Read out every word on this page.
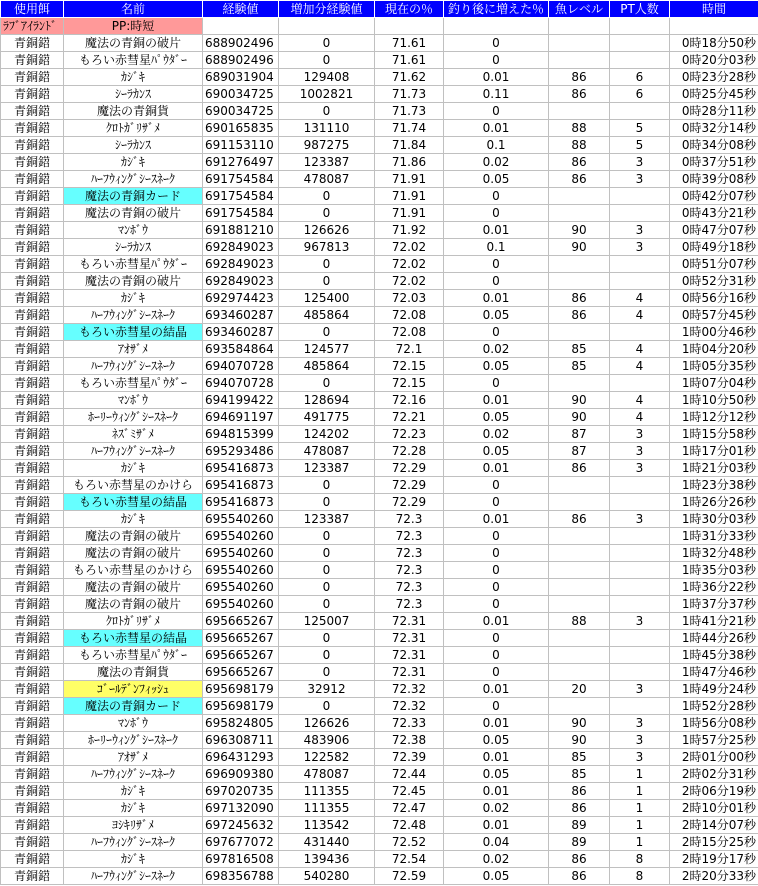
使用餌	名前	経験値	増加分経験値	現在の％	釣り後に増えた％	魚レベル	PT人数	時間
ﾗﾌﾞｱｲﾗﾝﾄﾞ	PP:時短							
青銅鍣	魔法の青銅の破片	688902496	0	71.61	0			0時18分50秒
青銅鍣	もろい赤彗星ﾊﾟｳﾀﾞｰ	688902496	0	71.61	0			0時20分03秒
青銅鍣	ｶｼﾞｷ	689031904	129408	71.62	0.01	86	6	0時23分28秒
青銅鍣	ｼｰﾗｶﾝｽ	690034725	1002821	71.73	0.11	86	6	0時25分45秒
青銅鍣	魔法の青銅貨	690034725	0	71.73	0			0時28分11秒
青銅鍣	ｸﾛﾄｶﾞﾘｻﾞﾒ	690165835	131110	71.74	0.01	88	5	0時32分14秒
青銅鍣	ｼｰﾗｶﾝｽ	691153110	987275	71.84	0.1	88	5	0時34分08秒
青銅鍣	ｶｼﾞｷ	691276497	123387	71.86	0.02	86	3	0時37分51秒
青銅鍣	ﾊｰﾌｳｨﾝｸﾞｼｰｽﾈｰｸ	691754584	478087	71.91	0.05	86	3	0時39分08秒
青銅鍣	魔法の青銅カード	691754584	0	71.91	0			0時42分07秒
青銅鍣	魔法の青銅の破片	691754584	0	71.91	0			0時43分21秒
青銅鍣	ﾏﾝﾎﾞｳ	691881210	126626	71.92	0.01	90	3	0時47分07秒
青銅鍣	ｼｰﾗｶﾝｽ	692849023	967813	72.02	0.1	90	3	0時49分18秒
青銅鍣	もろい赤彗星ﾊﾟｳﾀﾞｰ	692849023	0	72.02	0			0時51分07秒
青銅鍣	魔法の青銅の破片	692849023	0	72.02	0			0時52分31秒
青銅鍣	ｶｼﾞｷ	692974423	125400	72.03	0.01	86	4	0時56分16秒
青銅鍣	ﾊｰﾌｳｨﾝｸﾞｼｰｽﾈｰｸ	693460287	485864	72.08	0.05	86	4	0時57分45秒
青銅鍣	もろい赤彗星の結晶	693460287	0	72.08	0			1時00分46秒
青銅鍣	ｱｵｻﾞﾒ	693584864	124577	72.1	0.02	85	4	1時04分20秒
青銅鍣	ﾊｰﾌｳｨﾝｸﾞｼｰｽﾈｰｸ	694070728	485864	72.15	0.05	85	4	1時05分35秒
青銅鍣	もろい赤彗星ﾊﾟｳﾀﾞｰ	694070728	0	72.15	0			1時07分04秒
青銅鍣	ﾏﾝﾎﾞｳ	694199422	128694	72.16	0.01	90	4	1時10分50秒
青銅鍣	ﾎｰﾘｰｳｨﾝｸﾞｼｰｽﾈｰｸ	694691197	491775	72.21	0.05	90	4	1時12分12秒
青銅鍣	ﾈｽﾞﾐｻﾞﾒ	694815399	124202	72.23	0.02	87	3	1時15分58秒
青銅鍣	ﾊｰﾌｳｨﾝｸﾞｼｰｽﾈｰｸ	695293486	478087	72.28	0.05	87	3	1時17分01秒
青銅鍣	ｶｼﾞｷ	695416873	123387	72.29	0.01	86	3	1時21分03秒
青銅鍣	もろい赤彗星のかけら	695416873	0	72.29	0			1時23分38秒
青銅鍣	もろい赤彗星の結晶	695416873	0	72.29	0			1時26分26秒
青銅鍣	ｶｼﾞｷ	695540260	123387	72.3	0.01	86	3	1時30分03秒
青銅鍣	魔法の青銅の破片	695540260	0	72.3	0			1時31分33秒
青銅鍣	魔法の青銅の破片	695540260	0	72.3	0			1時32分48秒
青銅鍣	もろい赤彗星のかけら	695540260	0	72.3	0			1時35分03秒
青銅鍣	魔法の青銅の破片	695540260	0	72.3	0			1時36分22秒
青銅鍣	魔法の青銅の破片	695540260	0	72.3	0			1時37分37秒
青銅鍣	ｸﾛﾄｶﾞﾘｻﾞﾒ	695665267	125007	72.31	0.01	88	3	1時41分21秒
青銅鍣	もろい赤彗星の結晶	695665267	0	72.31	0			1時44分26秒
青銅鍣	もろい赤彗星ﾊﾟｳﾀﾞｰ	695665267	0	72.31	0			1時45分38秒
青銅鍣	魔法の青銅貨	695665267	0	72.31	0			1時47分46秒
青銅鍣	ｺﾞｰﾙﾃﾞﾝﾌｨｯｼｭ	695698179	32912	72.32	0.01	20	3	1時49分24秒
青銅鍣	魔法の青銅カード	695698179	0	72.32	0			1時52分28秒
青銅鍣	ﾏﾝﾎﾞｳ	695824805	126626	72.33	0.01	90	3	1時56分08秒
青銅鍣	ﾎｰﾘｰｳｨﾝｸﾞｼｰｽﾈｰｸ	696308711	483906	72.38	0.05	90	3	1時57分25秒
青銅鍣	ｱｵｻﾞﾒ	696431293	122582	72.39	0.01	85	3	2時01分00秒
青銅鍣	ﾊｰﾌｳｨﾝｸﾞｼｰｽﾈｰｸ	696909380	478087	72.44	0.05	85	1	2時02分31秒
青銅鍣	ｶｼﾞｷ	697020735	111355	72.45	0.01	86	1	2時06分19秒
青銅鍣	ｶｼﾞｷ	697132090	111355	72.47	0.02	86	1	2時10分01秒
青銅鍣	ﾖｼｷﾘｻﾞﾒ	697245632	113542	72.48	0.01	89	1	2時14分07秒
青銅鍣	ﾊｰﾌｳｨﾝｸﾞｼｰｽﾈｰｸ	697677072	431440	72.52	0.04	89	1	2時15分25秒
青銅鍣	ｶｼﾞｷ	697816508	139436	72.54	0.02	86	8	2時19分17秒
青銅鍣	ﾊｰﾌｳｨﾝｸﾞｼｰｽﾈｰｸ	698356788	540280	72.59	0.05	86	8	2時20分33秒
